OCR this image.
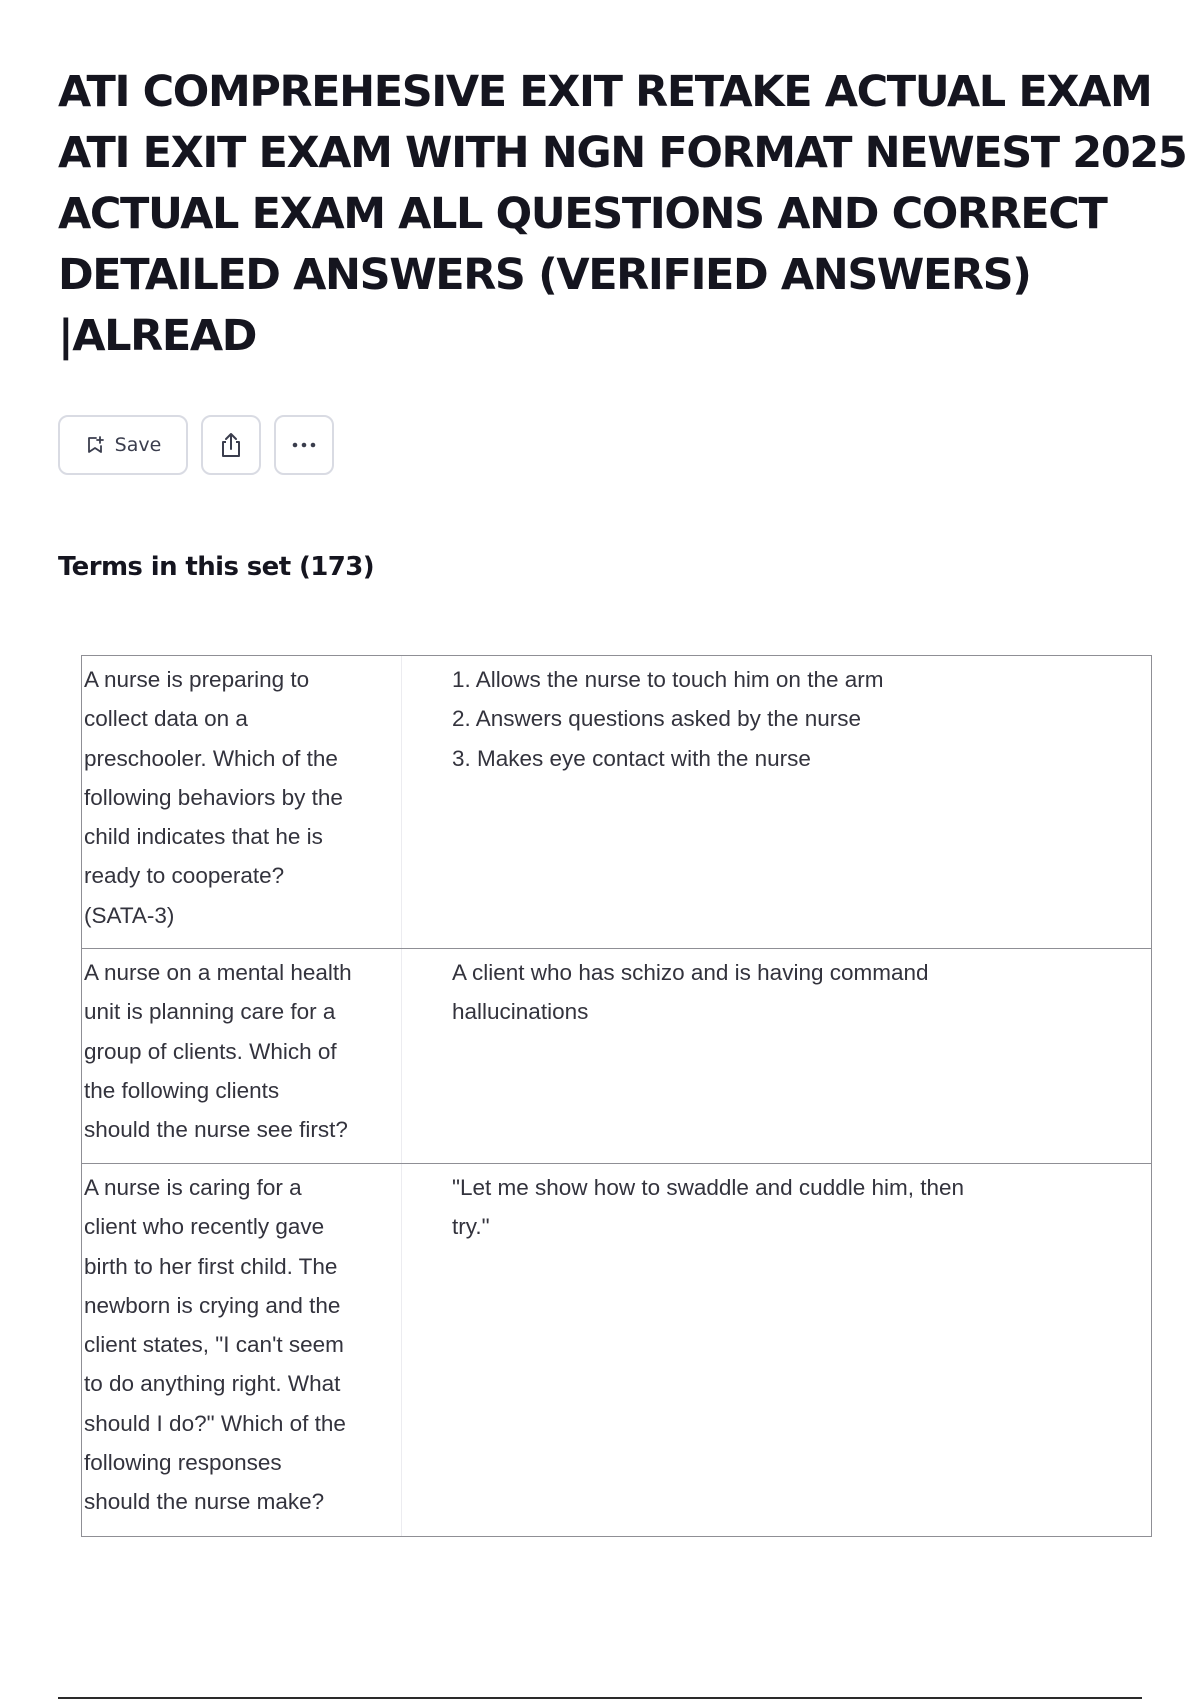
ATI COMPREHESIVE EXIT RETAKE ACTUAL EXAM ATI EXIT EXAM WITH NGN FORMAT NEWEST 2025 ACTUAL EXAM ALL QUESTIONS AND CORRECT DETAILED ANSWERS (VERIFIED ANSWERS) |ALREAD
Save
Terms in this set (173)
A nurse is preparing to
collect data on a
preschooler. Which of the
following behaviors by the
child indicates that he is
ready to cooperate?
(SATA-3)
1. Allows the nurse to touch him on the arm
2. Answers questions asked by the nurse
3. Makes eye contact with the nurse
A nurse on a mental health
unit is planning care for a
group of clients. Which of
the following clients
should the nurse see first?
A client who has schizo and is having command
hallucinations
A nurse is caring for a
client who recently gave
birth to her first child. The
newborn is crying and the
client states, "I can't seem
to do anything right. What
should I do?" Which of the
following responses
should the nurse make?
"Let me show how to swaddle and cuddle him, then
try."
